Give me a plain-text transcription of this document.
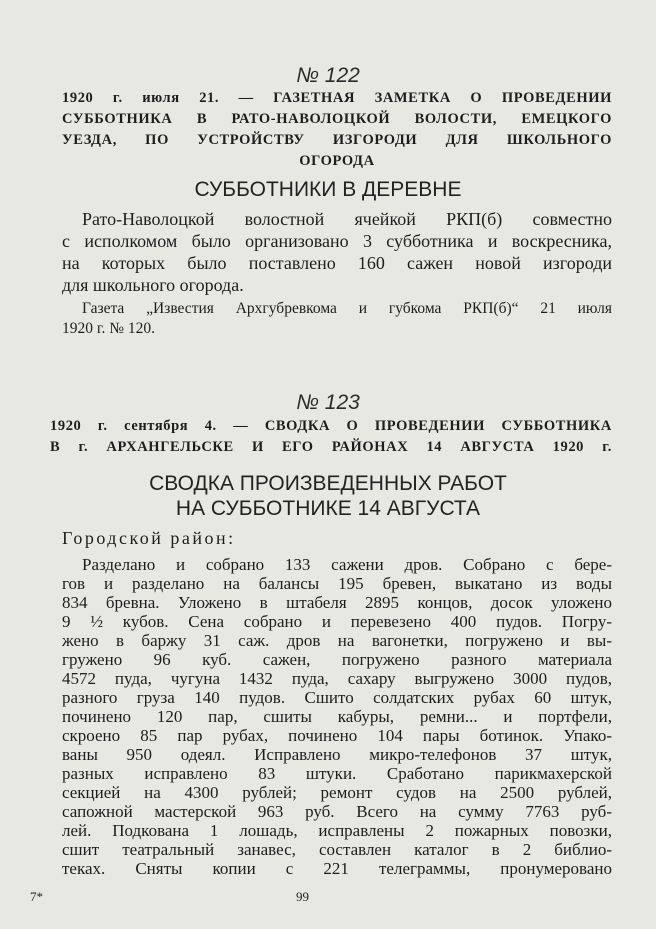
№ 122
1920 г. июля 21. — ГАЗЕТНАЯ ЗАМЕТКА О ПРОВЕДЕНИИ
СУББОТНИКА В РАТО-НАВОЛОЦКОЙ ВОЛОСТИ, ЕМЕЦКОГО
УЕЗДА, ПО УСТРОЙСТВУ ИЗГОРОДИ ДЛЯ ШКОЛЬНОГО
ОГОРОДА
СУББОТНИКИ В ДЕРЕВНЕ
Рато-Наволоцкой волостной ячейкой РКП(б) совместно
с исполкомом было организовано 3 субботника и воскресника,
на которых было поставлено 160 сажен новой изгороди
для школьного огорода.
Газета „Известия Архгубревкома и губкома РКП(б)“ 21 июля
1920 г. № 120.
№ 123
1920 г. сентября 4. — СВОДКА О ПРОВЕДЕНИИ СУББОТНИКА
В г. АРХАНГЕЛЬСКЕ И ЕГО РАЙОНАХ 14 АВГУСТА 1920 г.
СВОДКА ПРОИЗВЕДЕННЫХ РАБОТ
НА СУББОТНИКЕ 14 АВГУСТА
Городской район:
Разделано и собрано 133 сажени дров. Собрано с бере-
гов и разделано на балансы 195 бревен, выкатано из воды
834 бревна. Уложено в штабеля 2895 концов, досок уложено
9 ½ кубов. Сена собрано и перевезено 400 пудов. Погру-
жено в баржу 31 саж. дров на вагонетки, погружено и вы-
гружено 96 куб. сажен, погружено разного материала
4572 пуда, чугуна 1432 пуда, сахару выгружено 3000 пудов,
разного груза 140 пудов. Сшито солдатских рубах 60 штук,
починено 120 пар, сшиты кабуры, ремни... и портфели,
скроено 85 пар рубах, починено 104 пары ботинок. Упако-
ваны 950 одеял. Исправлено микро-телефонов 37 штук,
разных исправлено 83 штуки. Сработано парикмахерской
секцией на 4300 рублей; ремонт судов на 2500 рублей,
сапожной мастерской 963 руб. Всего на сумму 7763 руб-
лей. Подкована 1 лошадь, исправлены 2 пожарных повозки,
сшит театральный занавес, составлен каталог в 2 библио-
теках. Сняты копии с 221 телеграммы, пронумеровано
7*	99
